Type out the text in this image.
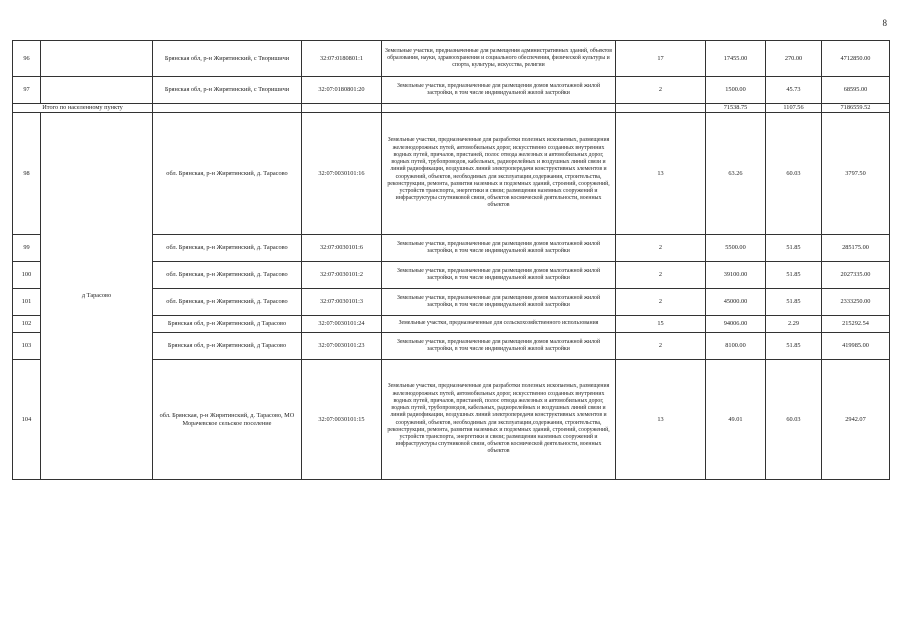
8
96		Брянская обл, р-н Жирятинский, с Творишичи	32:07:0180801:1	Земельные участки, предназначенные для размещения административных зданий, объектов образования, науки, здравоохранения и социального обеспечения, физической культуры и спорта, культуры, искусства, религии	17	17455.00	270.00	4712850.00
97		Брянская обл, р-н Жирятинский, с Творишичи	32:07:0180801:20	Земельные участки, предназначенные для размещения домов малоэтажной жилой застройки, в том числе индивидуальной жилой застройки	2	1500.00	45.73	68595.00
Итого по населенному пункту						71538.75	1107.56	7186559.52
98	д Тарасово	обл. Брянская, р-н Жирятинский, д. Тарасово	32:07:0030101:16	Земельные участки, предназначенные для разработки полезных ископаемых, размещения железнодорожных путей, автомобильных дорог, искусственно созданных внутренних водных путей, причалов, пристаней, полос отвода железных и автомобильных дорог, водных путей, трубопроводов, кабельных, радиорелейных и воздушных линий связи и линий радиофикации, воздушных линий электропередачи конструктивных элементов и сооружений, объектов, необходимых для эксплуатации,содержания, строительства, реконструкции, ремонта, развития наземных и подземных зданий, строений, сооружений, устройств транспорта, энергетики и связи; размещения наземных сооружений и инфраструктуры спутниковой связи, объектов космической деятельности, военных объектов	13	63.26	60.03	3797.50
99		обл. Брянская, р-н Жирятинский, д. Тарасово	32:07:0030101:6	Земельные участки, предназначенные для размещения домов малоэтажной жилой застройки, в том числе индивидуальной жилой застройки	2	5500.00	51.85	285175.00
100		обл. Брянская, р-н Жирятинский, д. Тарасово	32:07:0030101:2	Земельные участки, предназначенные для размещения домов малоэтажной жилой застройки, в том числе индивидуальной жилой застройки	2	39100.00	51.85	2027335.00
101		обл. Брянская, р-н Жирятинский, д. Тарасово	32:07:0030101:3	Земельные участки, предназначенные для размещения домов малоэтажной жилой застройки, в том числе индивидуальной жилой застройки	2	45000.00	51.85	2333250.00
102		Брянская обл, р-н Жирятинский, д Тарасово	32:07:0030101:24	Земельные участки, предназначенные для сельскохозяйственного использования	15	94006.00	2.29	215292.54
103		Брянская обл, р-н Жирятинский, д Тарасово	32:07:0030101:23	Земельные участки, предназначенные для размещения домов малоэтажной жилой застройки, в том числе индивидуальной жилой застройки	2	8100.00	51.85	419985.00
104		обл. Брянская, р-н Жирятинский, д. Тарасово, МО Морачевское сельское поселение	32:07:0030101:15	Земельные участки, предназначенные для разработки полезных ископаемых, размещения железнодорожных путей, автомобильных дорог, искусственно созданных внутренних водных путей, причалов, пристаней, полос отвода железных и автомобильных дорог, водных путей, трубопроводов, кабельных, радиорелейных и воздушных линий связи и линий радиофикации, воздушных линий электропередачи конструктивных элементов и сооружений, объектов, необходимых для эксплуатации,содержания, строительства, реконструкции, ремонта, развития наземных и подземных зданий, строений, сооружений, устройств транспорта, энергетики и связи; размещения наземных сооружений и инфраструктуры спутниковой связи, объектов космической деятельности, военных объектов	13	49.01	60.03	2942.07
